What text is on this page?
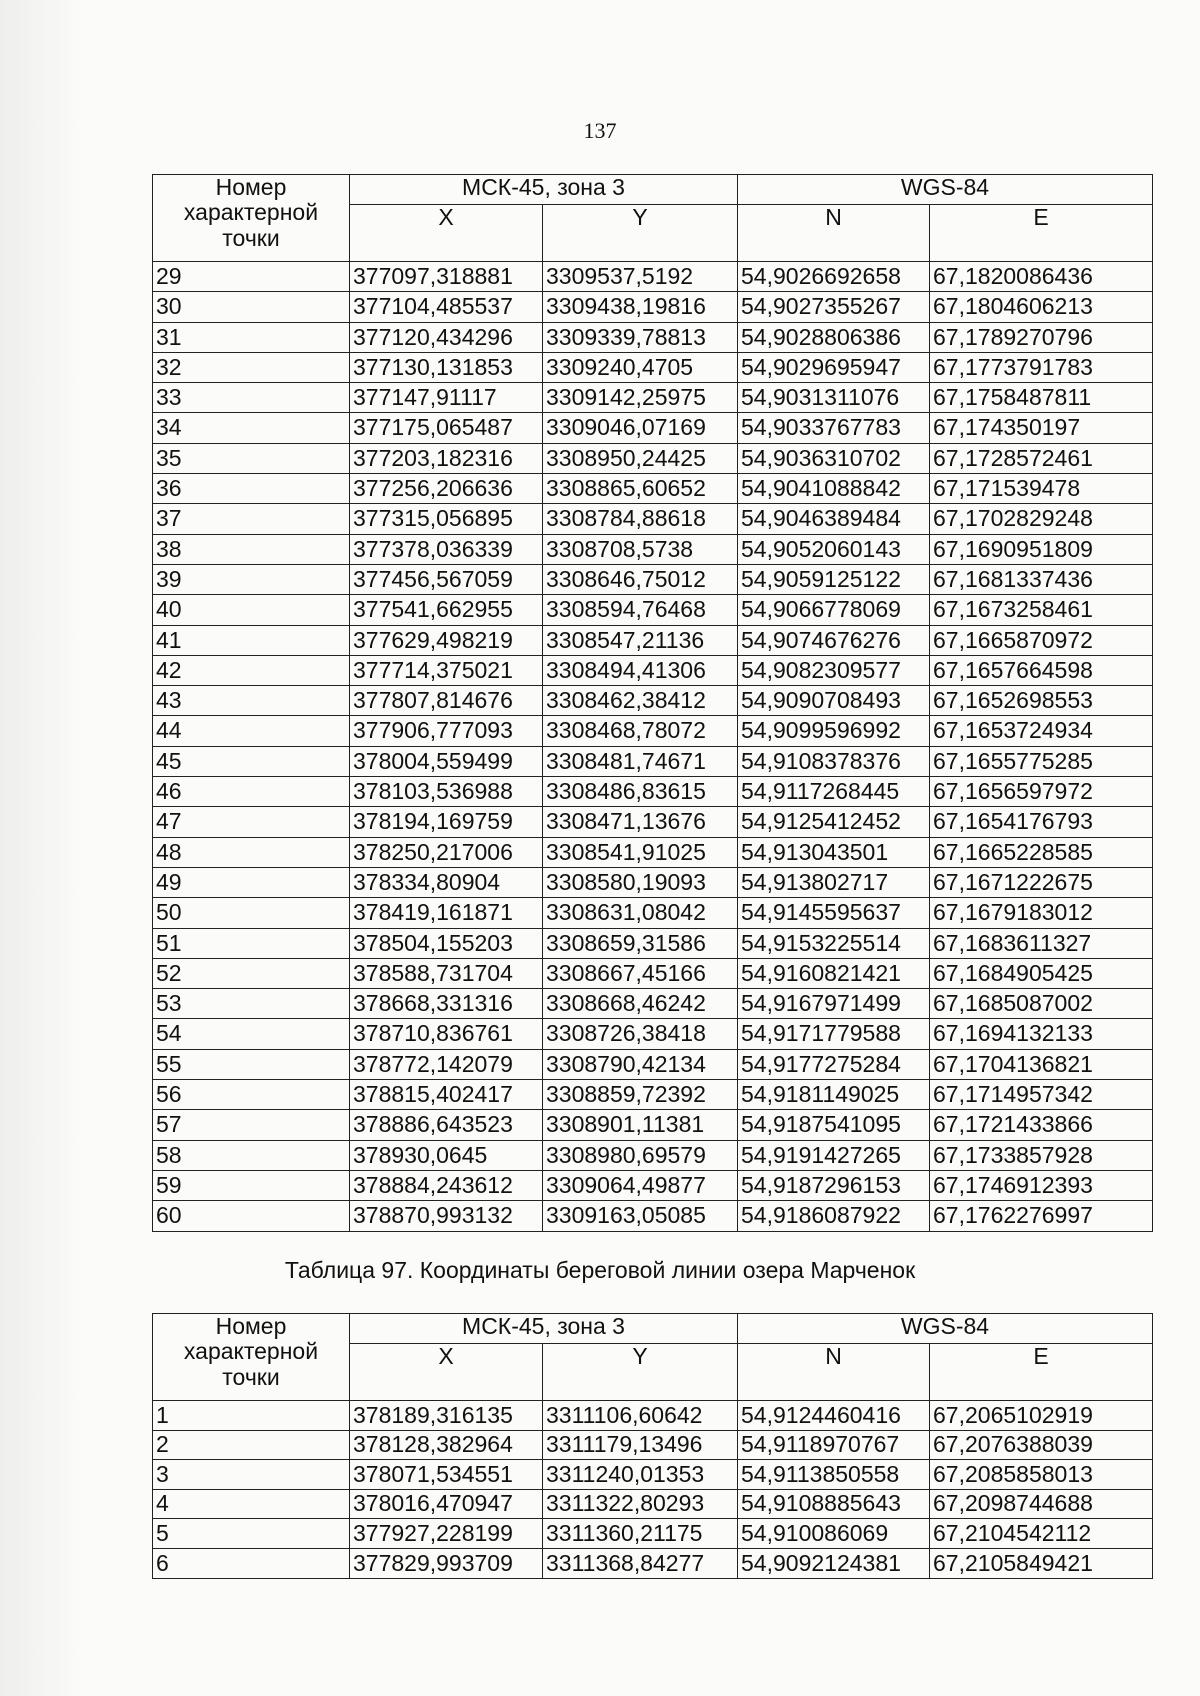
137
Номер характерной точки	МСК-45, зона 3		WGS-84	
	X	Y	N	E
29	377097,318881	3309537,5192	54,9026692658	67,1820086436
30	377104,485537	3309438,19816	54,9027355267	67,1804606213
31	377120,434296	3309339,78813	54,9028806386	67,1789270796
32	377130,131853	3309240,4705	54,9029695947	67,1773791783
33	377147,91117	3309142,25975	54,9031311076	67,1758487811
34	377175,065487	3309046,07169	54,9033767783	67,174350197
35	377203,182316	3308950,24425	54,9036310702	67,1728572461
36	377256,206636	3308865,60652	54,9041088842	67,171539478
37	377315,056895	3308784,88618	54,9046389484	67,1702829248
38	377378,036339	3308708,5738	54,9052060143	67,1690951809
39	377456,567059	3308646,75012	54,9059125122	67,1681337436
40	377541,662955	3308594,76468	54,9066778069	67,1673258461
41	377629,498219	3308547,21136	54,9074676276	67,1665870972
42	377714,375021	3308494,41306	54,9082309577	67,1657664598
43	377807,814676	3308462,38412	54,9090708493	67,1652698553
44	377906,777093	3308468,78072	54,9099596992	67,1653724934
45	378004,559499	3308481,74671	54,9108378376	67,1655775285
46	378103,536988	3308486,83615	54,9117268445	67,1656597972
47	378194,169759	3308471,13676	54,9125412452	67,1654176793
48	378250,217006	3308541,91025	54,913043501	67,1665228585
49	378334,80904	3308580,19093	54,913802717	67,1671222675
50	378419,161871	3308631,08042	54,9145595637	67,1679183012
51	378504,155203	3308659,31586	54,9153225514	67,1683611327
52	378588,731704	3308667,45166	54,9160821421	67,1684905425
53	378668,331316	3308668,46242	54,9167971499	67,1685087002
54	378710,836761	3308726,38418	54,9171779588	67,1694132133
55	378772,142079	3308790,42134	54,9177275284	67,1704136821
56	378815,402417	3308859,72392	54,9181149025	67,1714957342
57	378886,643523	3308901,11381	54,9187541095	67,1721433866
58	378930,0645	3308980,69579	54,9191427265	67,1733857928
59	378884,243612	3309064,49877	54,9187296153	67,1746912393
60	378870,993132	3309163,05085	54,9186087922	67,1762276997
Таблица 97. Координаты береговой линии озера Марченок
Номер характерной точки	МСК-45, зона 3		WGS-84	
	X	Y	N	E
1	378189,316135	3311106,60642	54,9124460416	67,2065102919
2	378128,382964	3311179,13496	54,9118970767	67,2076388039
3	378071,534551	3311240,01353	54,9113850558	67,2085858013
4	378016,470947	3311322,80293	54,9108885643	67,2098744688
5	377927,228199	3311360,21175	54,910086069	67,2104542112
6	377829,993709	3311368,84277	54,9092124381	67,2105849421
